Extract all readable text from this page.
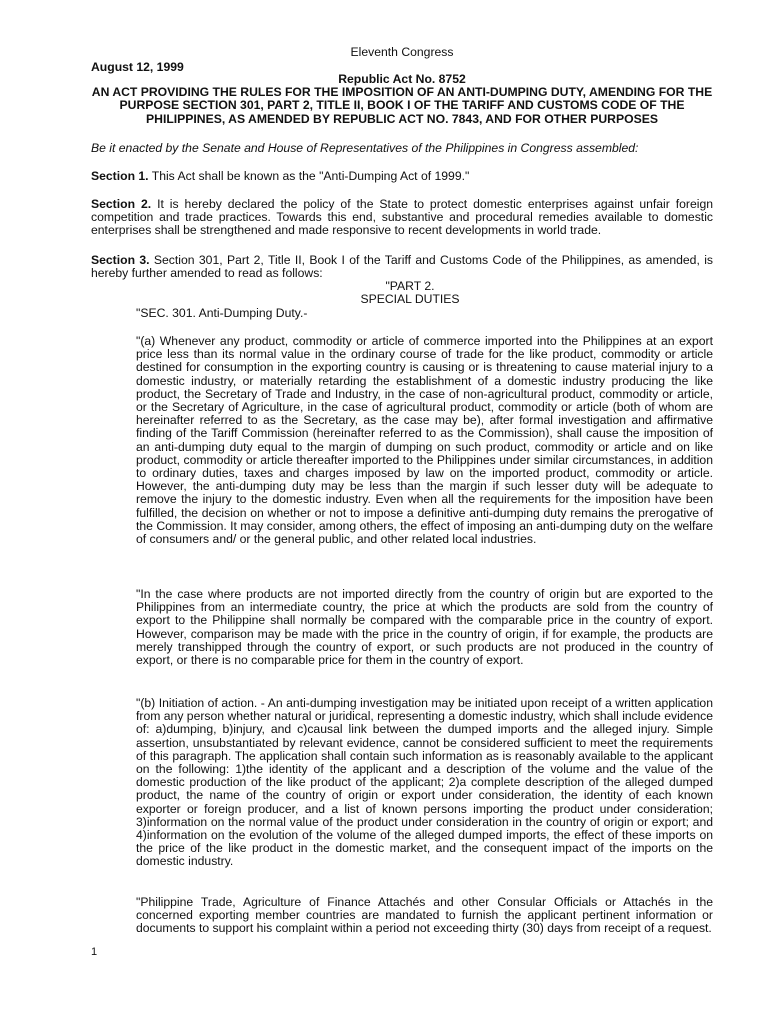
Eleventh Congress
August 12, 1999
Republic Act No. 8752
AN ACT PROVIDING THE RULES FOR THE IMPOSITION OF AN ANTI-DUMPING DUTY, AMENDING FOR THE PURPOSE SECTION 301, PART 2, TITLE II, BOOK I OF THE TARIFF AND CUSTOMS CODE OF THE PHILIPPINES, AS AMENDED BY REPUBLIC ACT NO. 7843, AND FOR OTHER PURPOSES
Be it enacted by the Senate and House of Representatives of the Philippines in Congress assembled:
Section 1. This Act shall be known as the "Anti-Dumping Act of 1999."
Section 2. It is hereby declared the policy of the State to protect domestic enterprises against unfair foreign competition and trade practices. Towards this end, substantive and procedural remedies available to domestic enterprises shall be strengthened and made responsive to recent developments in world trade.
Section 3. Section 301, Part 2, Title II, Book I of the Tariff and Customs Code of the Philippines, as amended, is hereby further amended to read as follows:
"PART 2.
SPECIAL DUTIES
"SEC. 301. Anti-Dumping Duty.-
"(a) Whenever any product, commodity or article of commerce imported into the Philippines at an export price less than its normal value in the ordinary course of trade for the like product, commodity or article destined for consumption in the exporting country is causing or is threatening to cause material injury to a domestic industry, or materially retarding the establishment of a domestic industry producing the like product, the Secretary of Trade and Industry, in the case of non-agricultural product, commodity or article, or the Secretary of Agriculture, in the case of agricultural product, commodity or article (both of whom are hereinafter referred to as the Secretary, as the case may be), after formal investigation and affirmative finding of the Tariff Commission (hereinafter referred to as the Commission), shall cause the imposition of an anti-dumping duty equal to the margin of dumping on such product, commodity or article and on like product, commodity or article thereafter imported to the Philippines under similar circumstances, in addition to ordinary duties, taxes and charges imposed by law on the imported product, commodity or article. However, the anti-dumping duty may be less than the margin if such lesser duty will be adequate to remove the injury to the domestic industry. Even when all the requirements for the imposition have been fulfilled, the decision on whether or not to impose a definitive anti-dumping duty remains the prerogative of the Commission. It may consider, among others, the effect of imposing an anti-dumping duty on the welfare of consumers and/ or the general public, and other related local industries.
"In the case where products are not imported directly from the country of origin but are exported to the Philippines from an intermediate country, the price at which the products are sold from the country of export to the Philippine shall normally be compared with the comparable price in the country of export. However, comparison may be made with the price in the country of origin, if for example, the products are merely transhipped through the country of export, or such products are not produced in the country of export, or there is no comparable price for them in the country of export.
"(b) Initiation of action. - An anti-dumping investigation may be initiated upon receipt of a written application from any person whether natural or juridical, representing a domestic industry, which shall include evidence of: a)dumping, b)injury, and c)causal link between the dumped imports and the alleged injury. Simple assertion, unsubstantiated by relevant evidence, cannot be considered sufficient to meet the requirements of this paragraph. The application shall contain such information as is reasonably available to the applicant on the following: 1)the identity of the applicant and a description of the volume and the value of the domestic production of the like product of the applicant; 2)a complete description of the alleged dumped product, the name of the country of origin or export under consideration, the identity of each known exporter or foreign producer, and a list of known persons importing the product under consideration; 3)information on the normal value of the product under consideration in the country of origin or export; and 4)information on the evolution of the volume of the alleged dumped imports, the effect of these imports on the price of the like product in the domestic market, and the consequent impact of the imports on the domestic industry.
"Philippine Trade, Agriculture of Finance Attachés and other Consular Officials or Attachés in the concerned exporting member countries are mandated to furnish the applicant pertinent information or documents to support his complaint within a period not exceeding thirty (30) days from receipt of a request.
1
